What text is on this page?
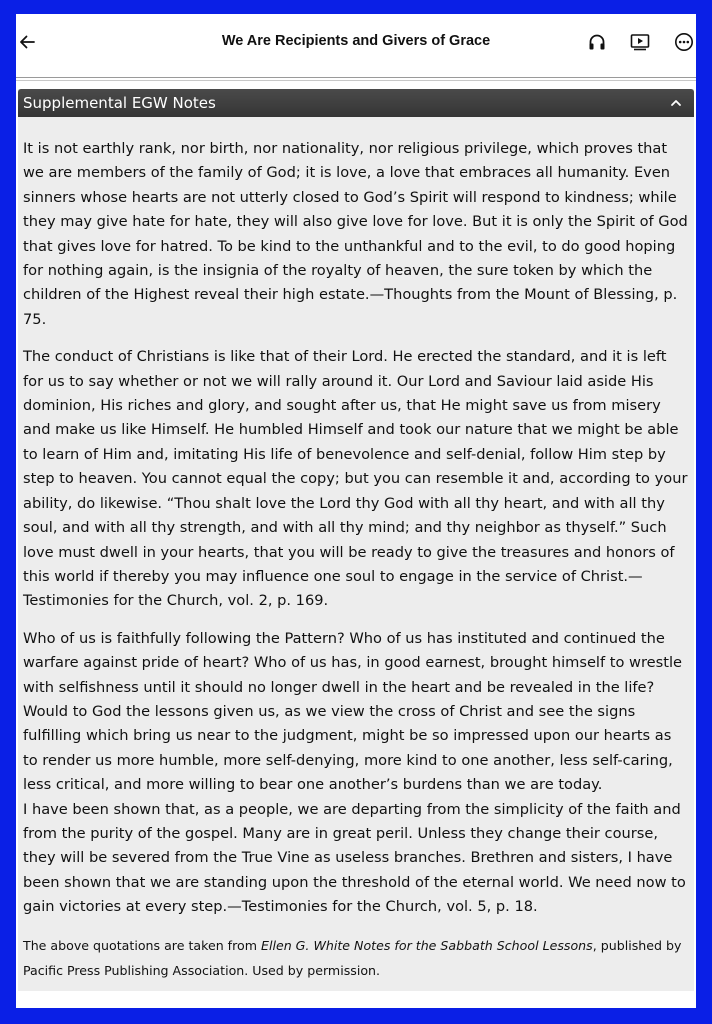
We Are Recipients and Givers of Grace
Supplemental EGW Notes

It is not earthly rank, nor birth, nor nationality, nor religious privilege, which proves that we are members of the family of God; it is love, a love that embraces all humanity. Even sinners whose hearts are not utterly closed to God’s Spirit will respond to kindness; while they may give hate for hate, they will also give love for love. But it is only the Spirit of God that gives love for hatred. To be kind to the unthankful and to the evil, to do good hoping for nothing again, is the insignia of the royalty of heaven, the sure token by which the children of the Highest reveal their high estate.—Thoughts from the Mount of Blessing, p. 75.

The conduct of Christians is like that of their Lord. He erected the standard, and it is left for us to say whether or not we will rally around it. Our Lord and Saviour laid aside His dominion, His riches and glory, and sought after us, that He might save us from misery and make us like Himself. He humbled Himself and took our nature that we might be able to learn of Him and, imitating His life of benevolence and self-denial, follow Him step by step to heaven. You cannot equal the copy; but you can resemble it and, according to your ability, do likewise. “Thou shalt love the Lord thy God with all thy heart, and with all thy soul, and with all thy strength, and with all thy mind; and thy neighbor as thyself.” Such love must dwell in your hearts, that you will be ready to give the treasures and honors of this world if thereby you may influence one soul to engage in the service of Christ.—Testimonies for the Church, vol. 2, p. 169.

Who of us is faithfully following the Pattern? Who of us has instituted and continued the warfare against pride of heart? Who of us has, in good earnest, brought himself to wrestle with selfishness until it should no longer dwell in the heart and be revealed in the life? Would to God the lessons given us, as we view the cross of Christ and see the signs fulfilling which bring us near to the judgment, might be so impressed upon our hearts as to render us more humble, more self-denying, more kind to one another, less self-caring, less critical, and more willing to bear one another’s burdens than we are today.

I have been shown that, as a people, we are departing from the simplicity of the faith and from the purity of the gospel. Many are in great peril. Unless they change their course, they will be severed from the True Vine as useless branches. Brethren and sisters, I have been shown that we are standing upon the threshold of the eternal world. We need now to gain victories at every step.—Testimonies for the Church, vol. 5, p. 18.

The above quotations are taken from Ellen G. White Notes for the Sabbath School Lessons, published by Pacific Press Publishing Association. Used by permission.
